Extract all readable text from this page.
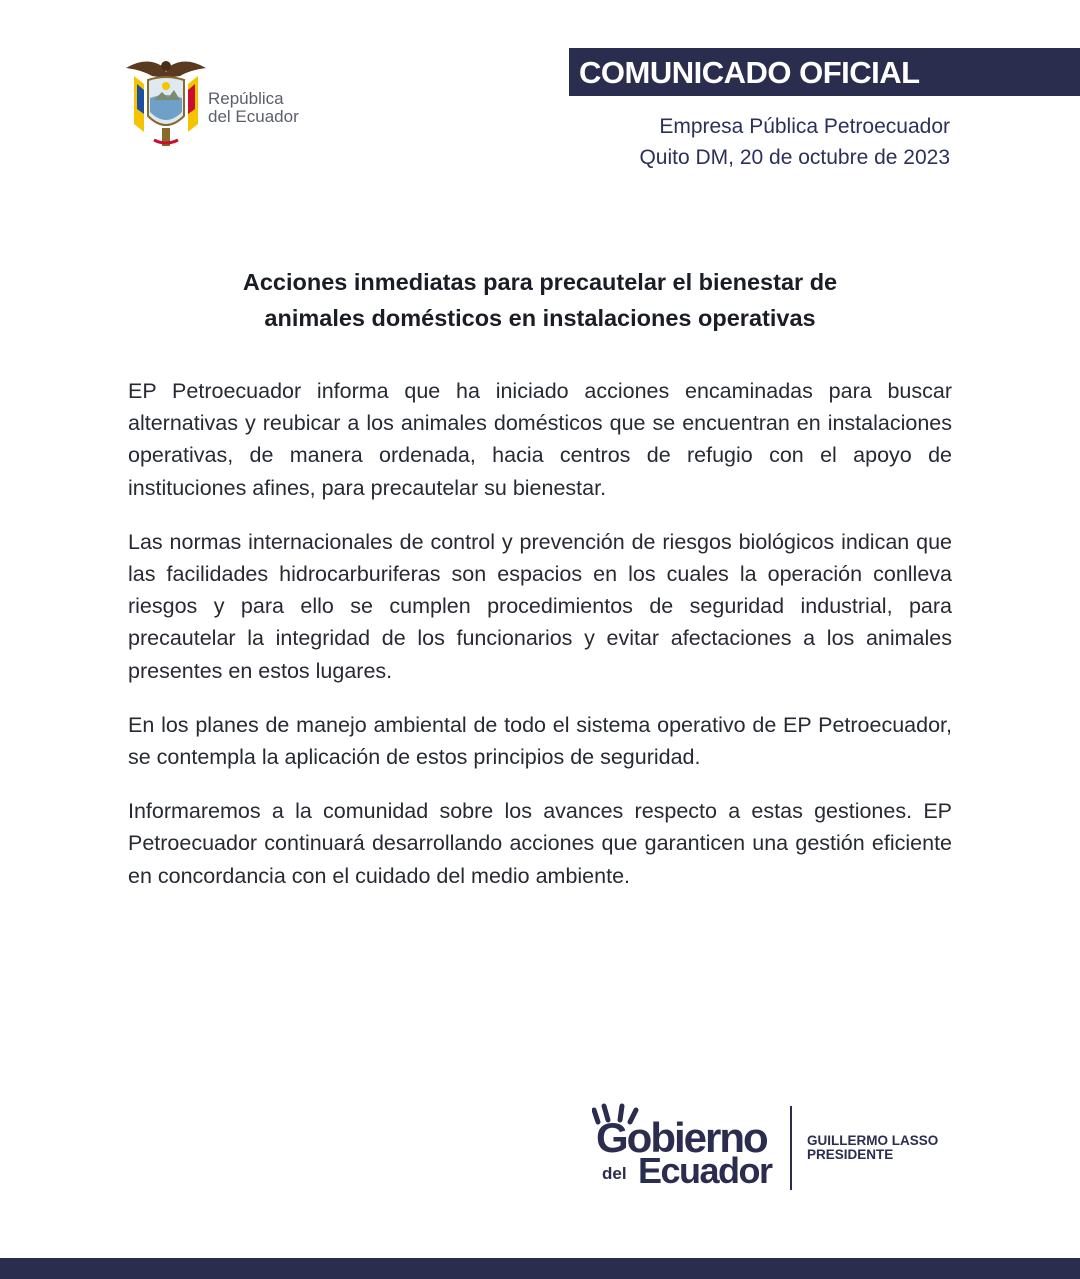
República
del Ecuador
COMUNICADO OFICIAL
Empresa Pública Petroecuador
Quito DM, 20 de octubre de 2023
Acciones inmediatas para precautelar el bienestar de
animales domésticos en instalaciones operativas

EP Petroecuador informa que ha iniciado acciones encaminadas para buscar alternativas y reubicar a los animales domésticos que se encuentran en instalaciones operativas, de manera ordenada, hacia centros de refugio con el apoyo de instituciones afines, para precautelar su bienestar.

Las normas internacionales de control y prevención de riesgos biológicos indican que las facilidades hidrocarburiferas son espacios en los cuales la operación conlleva riesgos y para ello se cumplen procedimientos de seguridad industrial, para precautelar la integridad de los funcionarios y evitar afectaciones a los animales presentes en estos lugares.

En los planes de manejo ambiental de todo el sistema operativo de EP Petroecuador, se contempla la aplicación de estos principios de seguridad.

Informaremos a la comunidad sobre los avances respecto a estas gestiones. EP Petroecuador continuará desarrollando acciones que garanticen una gestión eficiente en concordancia con el cuidado del medio ambiente.

Gobierno
del Ecuador
GUILLERMO LASSO
PRESIDENTE
